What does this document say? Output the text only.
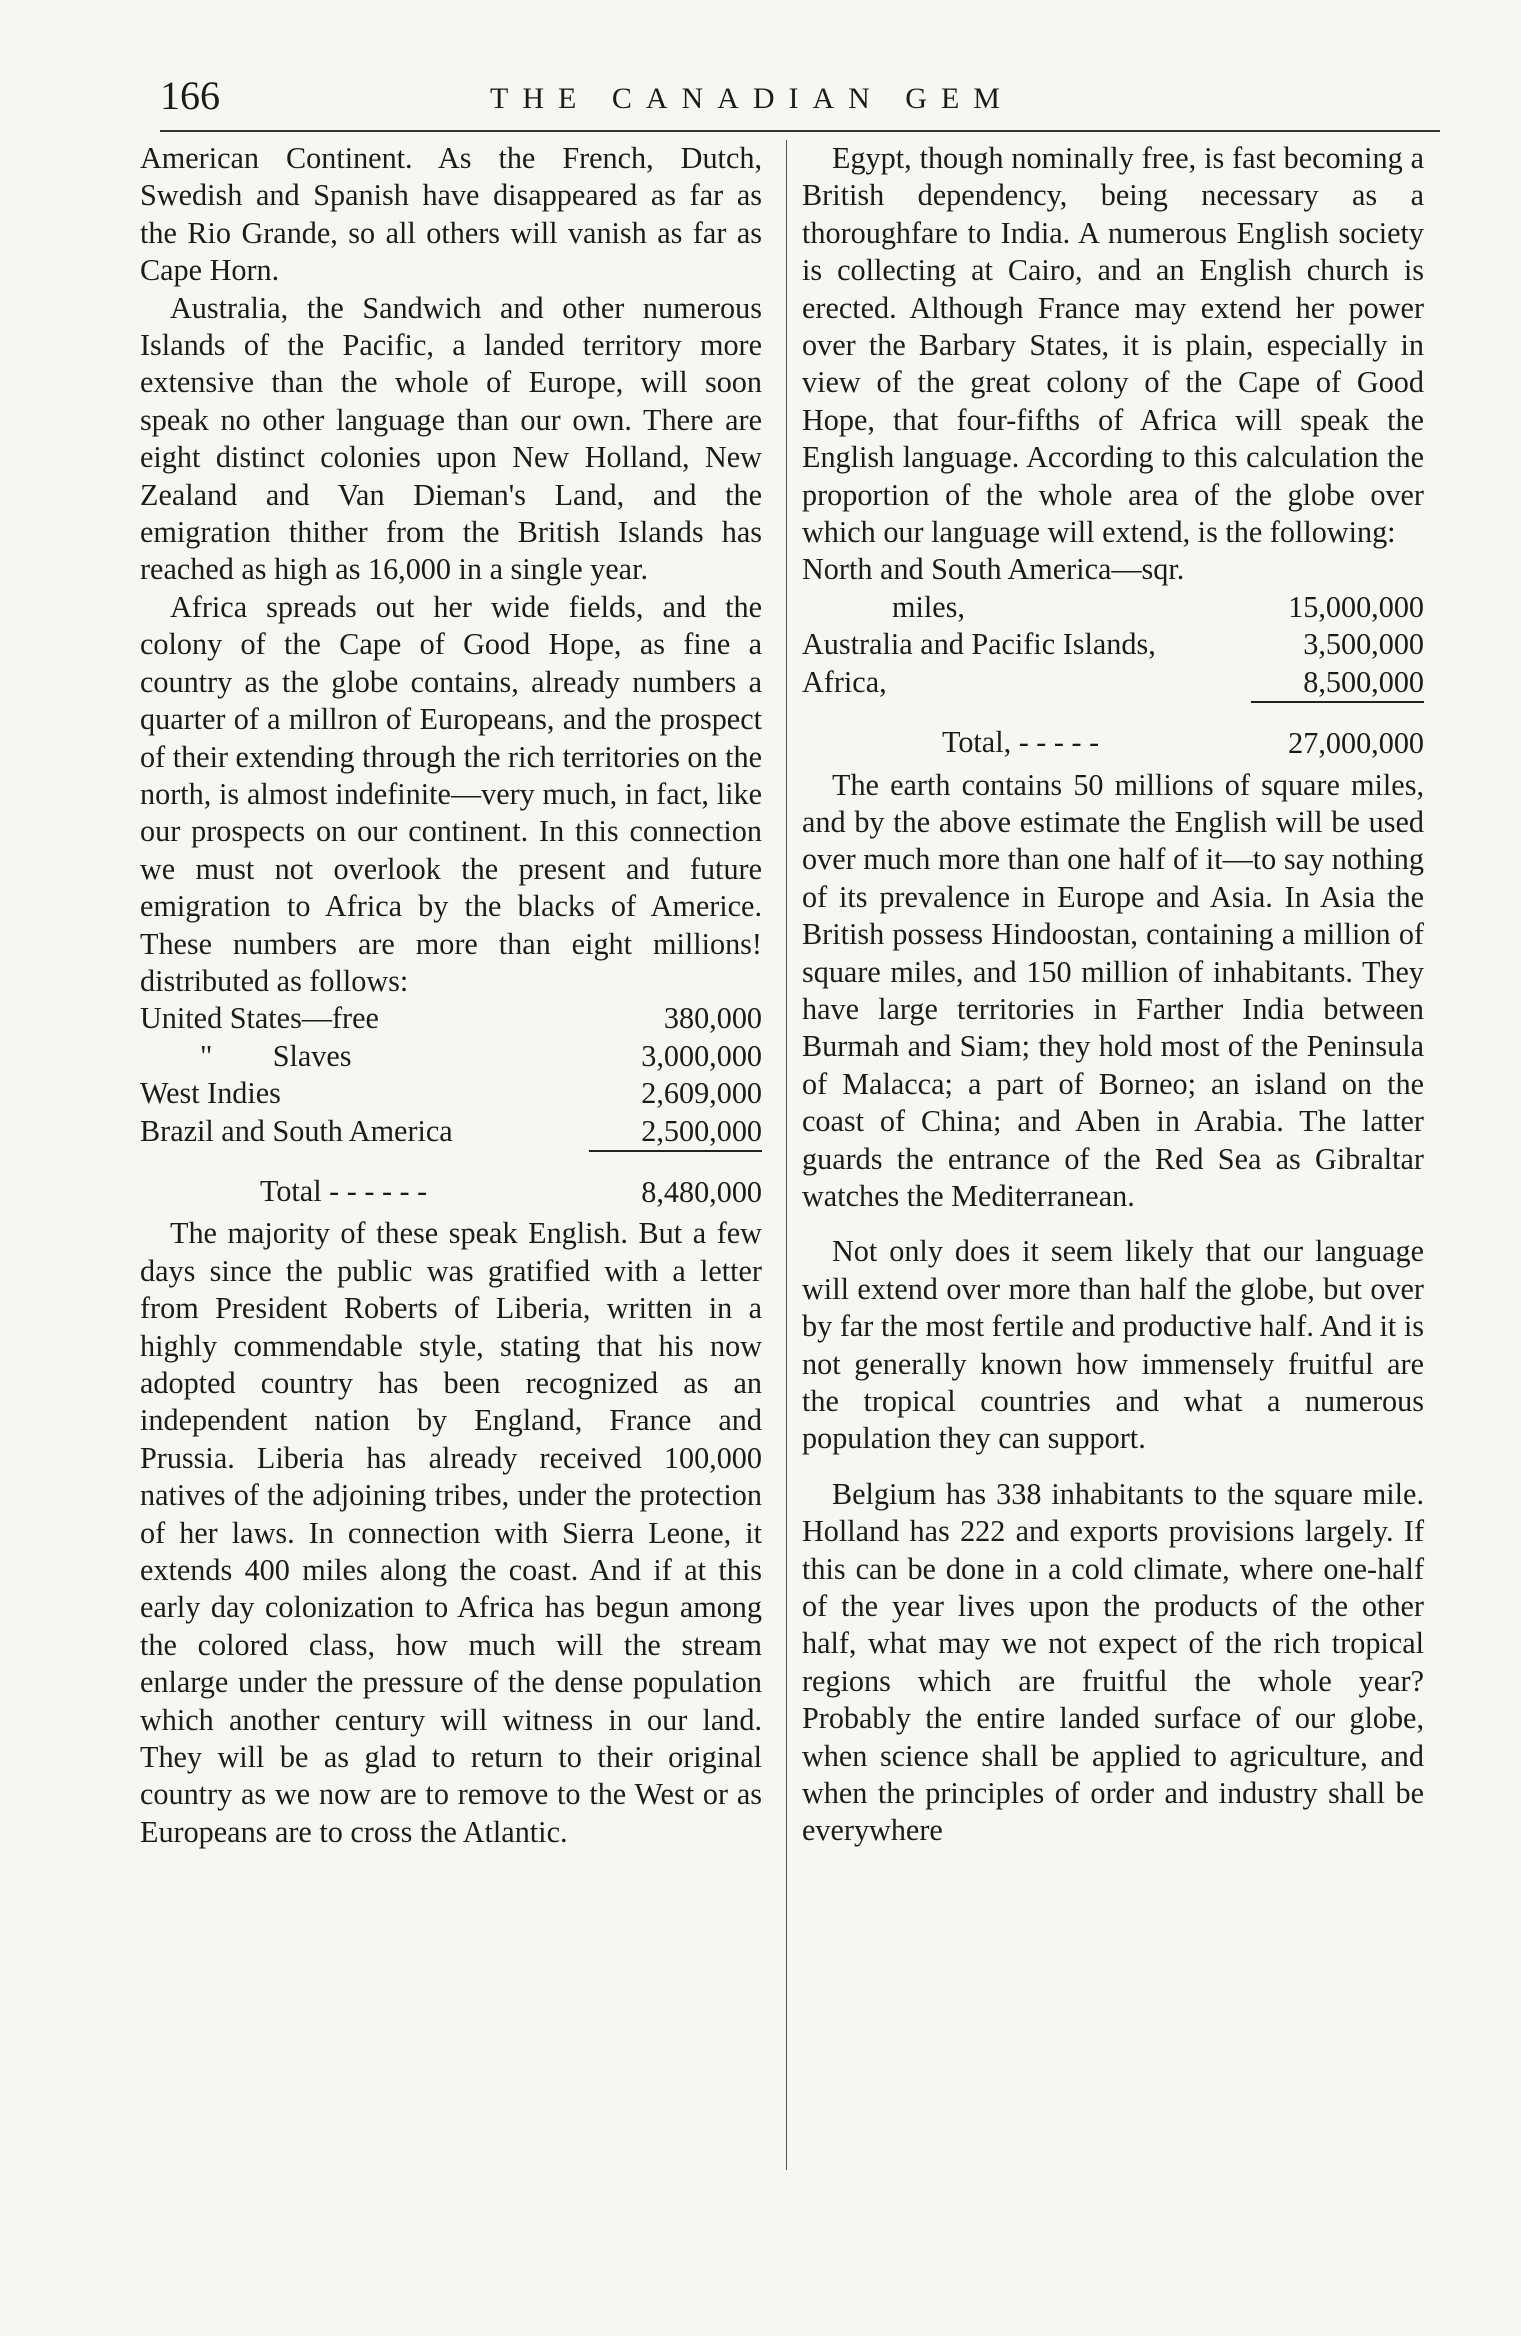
166	THE CANADIAN GEM

American Continent. As the French, Dutch, Swedish and Spanish have disappeared as far as the Rio Grande, so all others will vanish as far as Cape Horn.

Australia, the Sandwich and other numerous Islands of the Pacific, a landed territory more extensive than the whole of Europe, will soon speak no other language than our own. There are eight distinct colonies upon New Holland, New Zealand and Van Dieman's Land, and the emigration thither from the British Islands has reached as high as 16,000 in a single year.

Africa spreads out her wide fields, and the colony of the Cape of Good Hope, as fine a country as the globe contains, already numbers a quarter of a millron of Europeans, and the prospect of their extending through the rich territories on the north, is almost indefinite—very much, in fact, like our prospects on our continent. In this connection we must not overlook the present and future emigration to Africa by the blacks of Americe. These numbers are more than eight millions! distributed as follows:

United States—free	380,000
"        Slaves	3,000,000
West Indies	2,609,000
Brazil and South America	2,500,000
Total - - - - - -	8,480,000

The majority of these speak English. But a few days since the public was gratified with a letter from President Roberts of Liberia, written in a highly commendable style, stating that his now adopted country has been recognized as an independent nation by England, France and Prussia. Liberia has already received 100,000 natives of the adjoining tribes, under the protection of her laws. In connection with Sierra Leone, it extends 400 miles along the coast. And if at this early day colonization to Africa has begun among the colored class, how much will the stream enlarge under the pressure of the dense population which another century will witness in our land. They will be as glad to return to their original country as we now are to remove to the West or as Europeans are to cross the Atlantic.

Egypt, though nominally free, is fast becoming a British dependency, being necessary as a thoroughfare to India. A numerous English society is collecting at Cairo, and an English church is erected. Although France may extend her power over the Barbary States, it is plain, especially in view of the great colony of the Cape of Good Hope, that four-fifths of Africa will speak the English language. According to this calculation the proportion of the whole area of the globe over which our language will extend, is the following:

North and South America—sqr.	
miles,	15,000,000
Australia and Pacific Islands,	3,500,000
Africa,	8,500,000
Total, - - - - -	27,000,000

The earth contains 50 millions of square miles, and by the above estimate the English will be used over much more than one half of it—to say nothing of its prevalence in Europe and Asia. In Asia the British possess Hindoostan, containing a million of square miles, and 150 million of inhabitants. They have large territories in Farther India between Burmah and Siam; they hold most of the Peninsula of Malacca; a part of Borneo; an island on the coast of China; and Aben in Arabia. The latter guards the entrance of the Red Sea as Gibraltar watches the Mediterranean.

Not only does it seem likely that our language will extend over more than half the globe, but over by far the most fertile and productive half. And it is not generally known how immensely fruitful are the tropical countries and what a numerous population they can support.

Belgium has 338 inhabitants to the square mile. Holland has 222 and exports provisions largely. If this can be done in a cold climate, where one-half of the year lives upon the products of the other half, what may we not expect of the rich tropical regions which are fruitful the whole year? Probably the entire landed surface of our globe, when science shall be applied to agriculture, and when the principles of order and industry shall be everywhere
